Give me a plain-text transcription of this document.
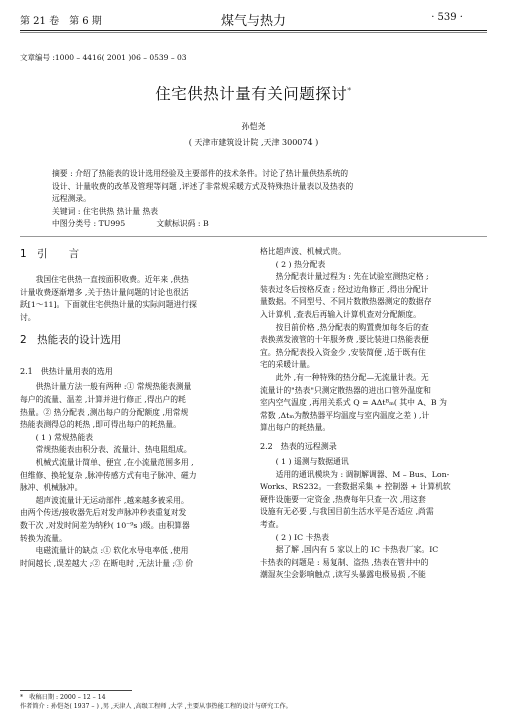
第 21 卷　第 6 期	煤气与热力	· 539 ·
文章编号 :1000 – 4416( 2001 )06 – 0539 – 03
住宅供热计量有关问题探讨*
孙恺尧
( 天津市建筑设计院 ,天津 300074 )
摘要 : 介绍了热能表的设计选用经验及主要部件的技术条件。讨论了热计量供热系统的
设计、计量收费的改革及管理等问题 ,评述了非常规采暖方式及特殊热计量表以及热表的
远程测录。
关键词 : 住宅供热 热计量 热表
中图分类号 : TU995　　　　文献标识码 : B
1　引　　言
　　我国住宅供热一直按面积收费。近年来 ,供热
计量收费逐渐增多 ,关于热计量问题的讨论也很活
跃[1～11]。下面就住宅供热计量的实际问题进行探
讨。
2　热能表的设计选用
2.1　供热计量用表的选用
　　供热计量方法一般有两种 :① 常规热能表测量
每户的流量、温差 ,计算并进行修正 ,得出户的耗
热量。② 热分配表 ,测出每户的分配额度 ,用常规
热能表测得总的耗热 ,即可得出每户的耗热量。
　　( 1 ) 常规热能表
　　常规热能表由积分表、流量计、热电阻组成。
　　机械式流量计简单、便宜 ,在小流量范围多用 ,
但维修、换轮复杂 ,脉冲传感方式有电子脉冲、磁力
脉冲、机械脉冲。
　　超声波流量计无运动部件 ,越来越多被采用。
由两个传送/接收器先后对发声脉冲秒表重复对发
数干次 ,对发时间差为纳秒( 10⁻⁹s )级。由积算器
转换为流量。
　　电磁流量计的缺点 :① 软化水导电率低 ,使用
时间越长 ,误差越大 ;② 在断电时 ,无法计量 ;③ 价
格比超声波、机械式贵。
　　( 2 ) 热分配表
　　热分配表计量过程为 : 先在试验室测热定格 ;
装表过冬后按格反查 ; 经过边角修正 ,得出分配计
量数据。不同型号、不同片数散热器测定的数据存
入计算机 ,查表后再输入计算机查对分配额度。
　　按目前价格 ,热分配表的购置费加每冬后的查
表换蒸发液管的十年服务费 ,要比装进口热能表便
宜。热分配表投入资金少 ,安装简便 ,适于既有住
宅的采暖计量。
　　此外 ,有一种特殊的热分配—无流量计表。无
流量计的"热表"只测定散热器的进出口管外温度和
室内空气温度 ,再用关系式 Q = AΔtᴮₘ( 其中 A、B 为
常数 ,Δtₘ为散热器平均温度与室内温度之差 ) ,计
算出每户的耗热量。
2.2　热表的远程测录
　　( 1 ) 遥测与数据通讯
　　适用的通讯模块为 : 调制解调器、M – Bus、Lon-
Works、RS232。一套数据采集 + 控制器 + 计算机软
硬件设施要一定资金 ,热费每年只查一次 ,用这套
设施有无必要 ,与我国目前生活水平是否适应 ,尚需
考查。
　　( 2 ) IC 卡热表
　　据了解 ,国内有 5 家以上的 IC 卡热表厂家。IC
卡热表的问题是 : 易复制、盗热 ,热表在管井中的
潮湿灰尘会影响触点 ,读写头暴露电极易损 ,不能
*　收稿日期 : 2000 – 12 – 14
作者简介 : 孙恺尧( 1937 – ) ,男 ,天津人 ,高级工程师 ,大学 ,主要从事热能工程的设计与研究工作。
